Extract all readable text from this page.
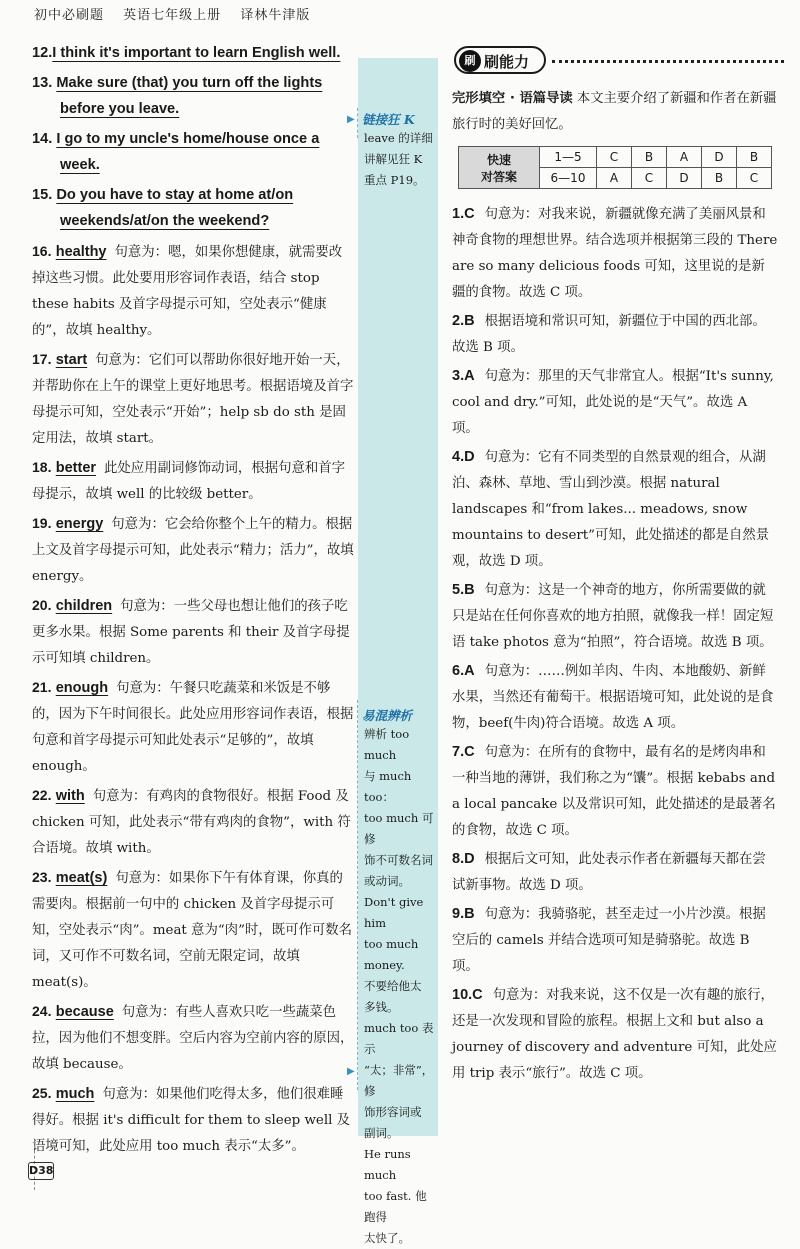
初中必刷题 英语七年级上册 译林牛津版
12.I think it's important to learn English well.
13. Make sure (that) you turn off the lights
before you leave.
14. I go to my uncle's home/house once a
week.
15. Do you have to stay at home at/on
weekends/at/on the weekend?
16. healthy 句意为：嗯，如果你想健康，就需要改掉这些习惯。此处要用形容词作表语，结合 stop these habits 及首字母提示可知，空处表示“健康的”，故填 healthy。
17. start 句意为：它们可以帮助你很好地开始一天，并帮助你在上午的课堂上更好地思考。根据语境及首字母提示可知，空处表示“开始”；help sb do sth 是固定用法，故填 start。
18. better 此处应用副词修饰动词，根据句意和首字母提示，故填 well 的比较级 better。
19. energy 句意为：它会给你整个上午的精力。根据上文及首字母提示可知，此处表示“精力；活力”，故填 energy。
20. children 句意为：一些父母也想让他们的孩子吃更多水果。根据 Some parents 和 their 及首字母提示可知填 children。
21. enough 句意为：午餐只吃蔬菜和米饭是不够的，因为下午时间很长。此处应用形容词作表语，根据句意和首字母提示可知此处表示“足够的”，故填 enough。
22. with 句意为：有鸡肉的食物很好。根据 Food 及 chicken 可知，此处表示“带有鸡肉的食物”，with 符合语境。故填 with。
23. meat(s) 句意为：如果你下午有体育课，你真的需要肉。根据前一句中的 chicken 及首字母提示可知，空处表示“肉”。meat 意为“肉”时，既可作可数名词，又可作不可数名词，空前无限定词，故填 meat(s)。
24. because 句意为：有些人喜欢只吃一些蔬菜色拉，因为他们不想变胖。空后内容为空前内容的原因，故填 because。
25. much 句意为：如果他们吃得太多，他们很难睡得好。根据 it's difficult for them to sleep well 及语境可知，此处应用 too much 表示“太多”。
链接狂 K
leave 的详细
讲解见狂 K
重点 P19。
易混辨析
辨析 too much
与 much too：
too much 可修
饰不可数名词
或动词。
Don't give him
too much money.
不要给他太
多钱。
much too 表示
“太；非常”，修
饰形容词或
副词。
He runs much
too fast. 他跑得
太快了。
▶
▶
刷 刷能力
完形填空 · 语篇导读 本文主要介绍了新疆和作者在新疆旅行时的美好回忆。
快速
对答案	1—5	C	B	A	D	B
	6—10	A	C	D	B	C
1.C 句意为：对我来说，新疆就像充满了美丽风景和神奇食物的理想世界。结合选项并根据第三段的 There are so many delicious foods 可知，这里说的是新疆的食物。故选 C 项。
2.B 根据语境和常识可知，新疆位于中国的西北部。故选 B 项。
3.A 句意为：那里的天气非常宜人。根据“It's sunny, cool and dry.”可知，此处说的是“天气”。故选 A 项。
4.D 句意为：它有不同类型的自然景观的组合，从湖泊、森林、草地、雪山到沙漠。根据 natural landscapes 和“from lakes... meadows, snow mountains to desert”可知，此处描述的都是自然景观，故选 D 项。
5.B 句意为：这是一个神奇的地方，你所需要做的就只是站在任何你喜欢的地方拍照，就像我一样！固定短语 take photos 意为“拍照”，符合语境。故选 B 项。
6.A 句意为：……例如羊肉、牛肉、本地酸奶、新鲜水果，当然还有葡萄干。根据语境可知，此处说的是食物，beef(牛肉)符合语境。故选 A 项。
7.C 句意为：在所有的食物中，最有名的是烤肉串和一种当地的薄饼，我们称之为“馕”。根据 kebabs and a local pancake 以及常识可知，此处描述的是最著名的食物，故选 C 项。
8.D 根据后文可知，此处表示作者在新疆每天都在尝试新事物。故选 D 项。
9.B 句意为：我骑骆驼，甚至走过一小片沙漠。根据空后的 camels 并结合选项可知是骑骆驼。故选 B 项。
10.C 句意为：对我来说，这不仅是一次有趣的旅行，还是一次发现和冒险的旅程。根据上文和 but also a journey of discovery and adventure 可知，此处应用 trip 表示“旅行”。故选 C 项。
D38
